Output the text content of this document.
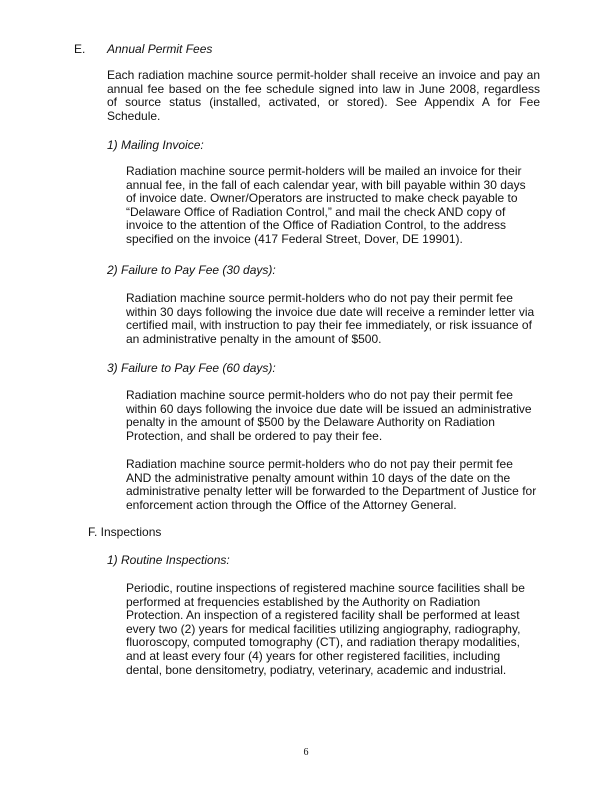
E. Annual Permit Fees
Each radiation machine source permit-holder shall receive an invoice and pay an
annual fee based on the fee schedule signed into law in June 2008, regardless
of source status (installed, activated, or stored). See Appendix A for Fee
Schedule.
1) Mailing Invoice:
Radiation machine source permit-holders will be mailed an invoice for their
annual fee, in the fall of each calendar year, with bill payable within 30 days
of invoice date. Owner/Operators are instructed to make check payable to
“Delaware Office of Radiation Control,” and mail the check AND copy of
invoice to the attention of the Office of Radiation Control, to the address
specified on the invoice (417 Federal Street, Dover, DE 19901).
2) Failure to Pay Fee (30 days):
Radiation machine source permit-holders who do not pay their permit fee
within 30 days following the invoice due date will receive a reminder letter via
certified mail, with instruction to pay their fee immediately, or risk issuance of
an administrative penalty in the amount of $500.
3) Failure to Pay Fee (60 days):
Radiation machine source permit-holders who do not pay their permit fee
within 60 days following the invoice due date will be issued an administrative
penalty in the amount of $500 by the Delaware Authority on Radiation
Protection, and shall be ordered to pay their fee.
Radiation machine source permit-holders who do not pay their permit fee
AND the administrative penalty amount within 10 days of the date on the
administrative penalty letter will be forwarded to the Department of Justice for
enforcement action through the Office of the Attorney General.
F. Inspections
1) Routine Inspections:
Periodic, routine inspections of registered machine source facilities shall be
performed at frequencies established by the Authority on Radiation
Protection. An inspection of a registered facility shall be performed at least
every two (2) years for medical facilities utilizing angiography, radiography,
fluoroscopy, computed tomography (CT), and radiation therapy modalities,
and at least every four (4) years for other registered facilities, including
dental, bone densitometry, podiatry, veterinary, academic and industrial.
6
